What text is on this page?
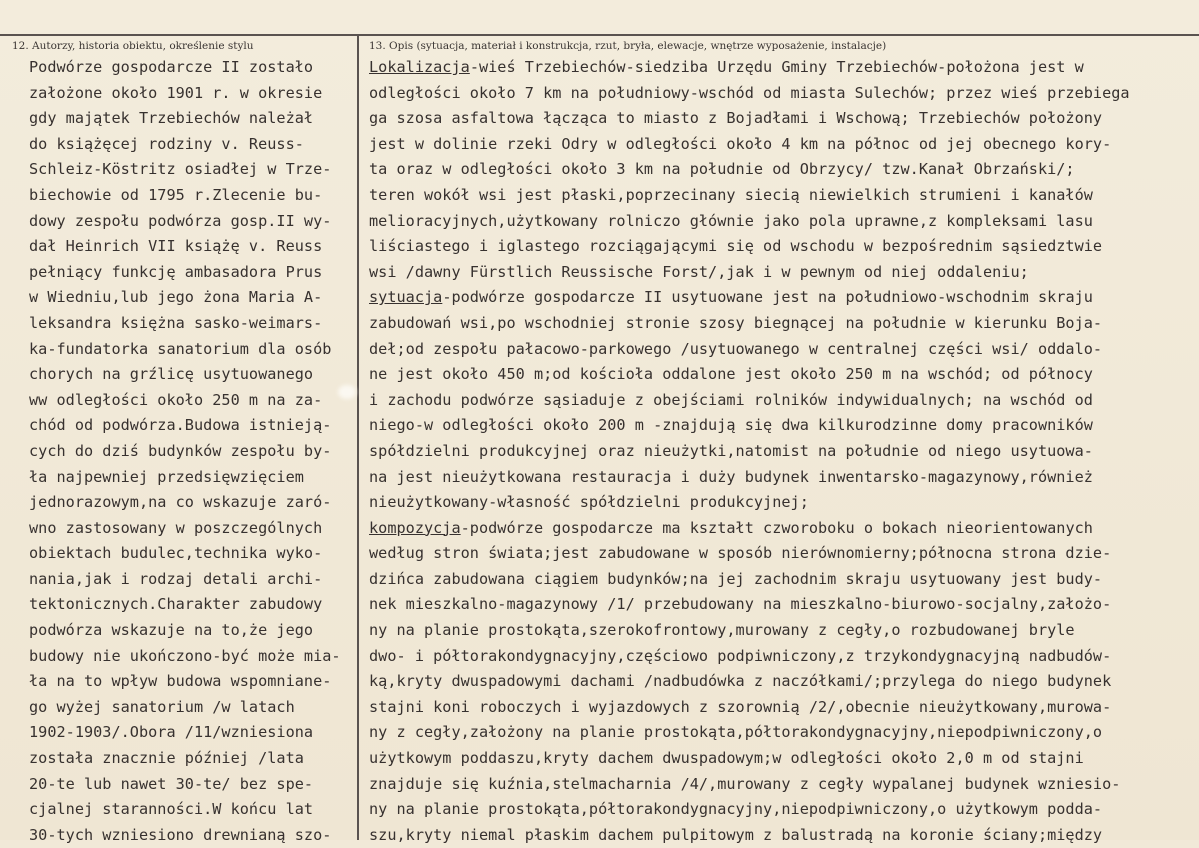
12. Autorzy, historia obiektu, określenie stylu	13. Opis (sytuacja, materiał i konstrukcja, rzut, bryła, elewacje, wnętrze wyposażenie, instalacje)
Podwórze gospodarcze II zostało
założone około 1901 r. w okresie
gdy majątek Trzebiechów należał
do książęcej rodziny v. Reuss-
Schleiz-Köstritz osiadłej w Trze-
biechowie od 1795 r.Zlecenie bu-
dowy zespołu podwórza gosp.II wy-
dał Heinrich VII książę v. Reuss
pełniący funkcję ambasadora Prus
w Wiedniu,lub jego żona Maria A-
leksandra księżna sasko-weimars-
ka-fundatorka sanatorium dla osób
chorych na grźlicę usytuowanego
ww odległości około 250 m na za-
chód od podwórza.Budowa istnieją-
cych do dziś budynków zespołu by-
ła najpewniej przedsięwzięciem
jednorazowym,na co wskazuje zaró-
wno zastosowany w poszczególnych
obiektach budulec,technika wyko-
nania,jak i rodzaj detali archi-
tektonicznych.Charakter zabudowy
podwórza wskazuje na to,że jego
budowy nie ukończono-być może mia-
ła na to wpływ budowa wspomniane-
go wyżej sanatorium /w latach
1902-1903/.Obora /11/wzniesiona
została znacznie później /lata
20-te lub nawet 30-te/ bez spe-
cjalnej staranności.W końcu lat
30-tych wzniesiono drewnianą szo-
Lokalizacja-wieś Trzebiechów-siedziba Urzędu Gminy Trzebiechów-położona jest w
odległości około 7 km na południowy-wschód od miasta Sulechów; przez wieś przebiega
ga szosa asfaltowa łącząca to miasto z Bojadłami i Wschową; Trzebiechów położony
jest w dolinie rzeki Odry w odległości około 4 km na północ od jej obecnego kory-
ta oraz w odległości około 3 km na południe od Obrzycy/ tzw.Kanał Obrzański/;
teren wokół wsi jest płaski,poprzecinany siecią niewielkich strumieni i kanałów
melioracyjnych,użytkowany rolniczo głównie jako pola uprawne,z kompleksami lasu
liściastego i iglastego rozciągającymi się od wschodu w bezpośrednim sąsiedztwie
wsi /dawny Fürstlich Reussische Forst/,jak i w pewnym od niej oddaleniu;
sytuacja-podwórze gospodarcze II usytuowane jest na południowo-wschodnim skraju
zabudowań wsi,po wschodniej stronie szosy biegnącej na południe w kierunku Boja-
deł;od zespołu pałacowo-parkowego /usytuowanego w centralnej części wsi/ oddalo-
ne jest około 450 m;od kościoła oddalone jest około 250 m na wschód; od północy
i zachodu podwórze sąsiaduje z obejściami rolników indywidualnych; na wschód od
niego-w odległości około 200 m -znajdują się dwa kilkurodzinne domy pracowników
spółdzielni produkcyjnej oraz nieużytki,natomist na południe od niego usytuowa-
na jest nieużytkowana restauracja i duży budynek inwentarsko-magazynowy,również
nieużytkowany-własność spółdzielni produkcyjnej;
kompozycja-podwórze gospodarcze ma kształt czworoboku o bokach nieorientowanych
według stron świata;jest zabudowane w sposób nierównomierny;północna strona dzie-
dzińca zabudowana ciągiem budynków;na jej zachodnim skraju usytuowany jest budy-
nek mieszkalno-magazynowy /1/ przebudowany na mieszkalno-biurowo-socjalny,założo-
ny na planie prostokąta,szerokofrontowy,murowany z cegły,o rozbudowanej bryle
dwo- i półtorakondygnacyjny,częściowo podpiwniczony,z trzykondygnacyjną nadbudów-
ką,kryty dwuspadowymi dachami /nadbudówka z naczółkami/;przylega do niego budynek
stajni koni roboczych i wyjazdowych z szorownią /2/,obecnie nieużytkowany,murowa-
ny z cegły,założony na planie prostokąta,półtorakondygnacyjny,niepodpiwniczony,o
użytkowym poddaszu,kryty dachem dwuspadowym;w odległości około 2,0 m od stajni
znajduje się kuźnia,stelmacharnia /4/,murowany z cegły wypalanej budynek wzniesio-
ny na planie prostokąta,półtorakondygnacyjny,niepodpiwniczony,o użytkowym podda-
szu,kryty niemal płaskim dachem pulpitowym z balustradą na koronie ściany;między
